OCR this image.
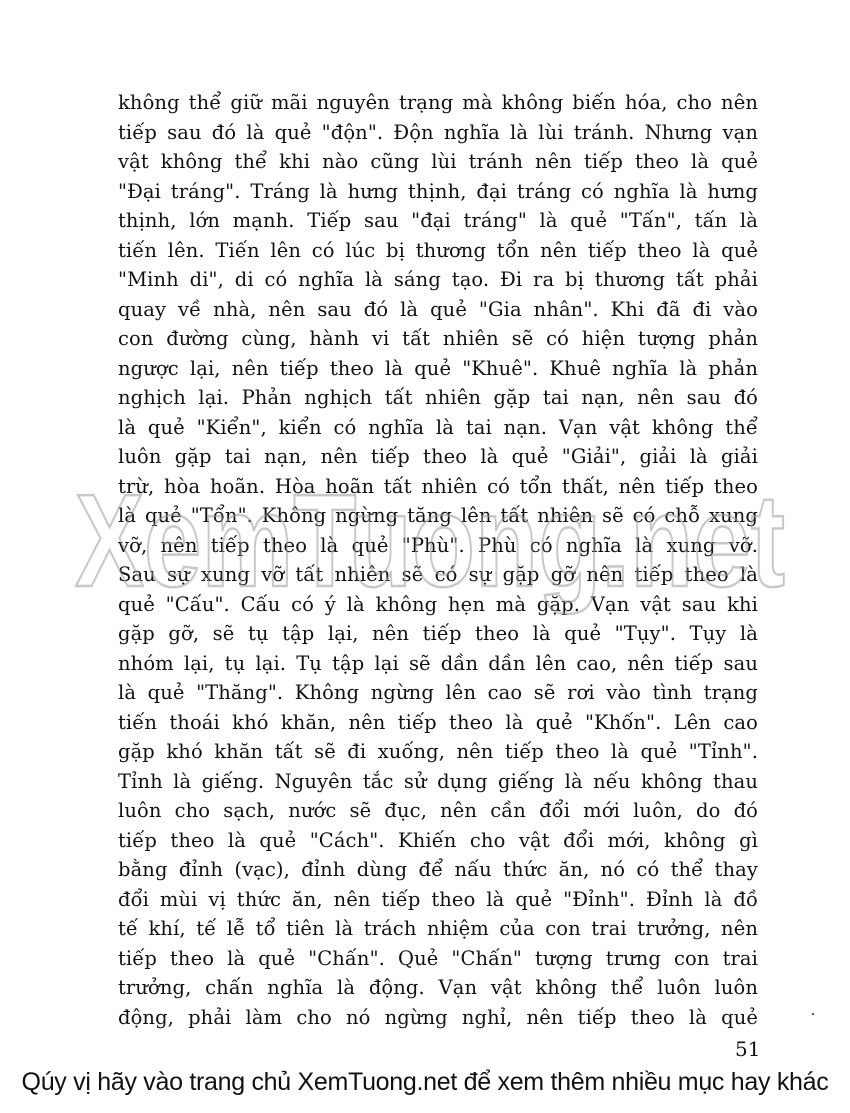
không thể giữ mãi nguyên trạng mà không biến hóa, cho nên
tiếp sau đó là quẻ "độn". Độn nghĩa là lùi tránh. Nhưng vạn
vật không thể khi nào cũng lùi tránh nên tiếp theo là quẻ
"Đại tráng". Tráng là hưng thịnh, đại tráng có nghĩa là hưng
thịnh, lớn mạnh. Tiếp sau "đại tráng" là quẻ "Tấn", tấn là
tiến lên. Tiến lên có lúc bị thương tổn nên tiếp theo là quẻ
"Minh di", di có nghĩa là sáng tạo. Đi ra bị thương tất phải
quay về nhà, nên sau đó là quẻ "Gia nhân". Khi đã đi vào
con đường cùng, hành vi tất nhiên sẽ có hiện tượng phản
ngược lại, nên tiếp theo là quẻ "Khuê". Khuê nghĩa là phản
nghịch lại. Phản nghịch tất nhiên gặp tai nạn, nên sau đó
là quẻ "Kiển", kiển có nghĩa là tai nạn. Vạn vật không thể
luôn gặp tai nạn, nên tiếp theo là quẻ "Giải", giải là giải
trừ, hòa hoãn. Hòa hoãn tất nhiên có tổn thất, nên tiếp theo
là quẻ "Tổn". Không ngừng tăng lên tất nhiên sẽ có chỗ xung
vỡ, nên tiếp theo là quẻ "Phù". Phù có nghĩa là xung vỡ.
Sau sự xung vỡ tất nhiên sẽ có sự gặp gỡ nên tiếp theo là
quẻ "Cấu". Cấu có ý là không hẹn mà gặp. Vạn vật sau khi
gặp gỡ, sẽ tụ tập lại, nên tiếp theo là quẻ "Tụy". Tụy là
nhóm lại, tụ lại. Tụ tập lại sẽ dần dần lên cao, nên tiếp sau
là quẻ "Thăng". Không ngừng lên cao sẽ rơi vào tình trạng
tiến thoái khó khăn, nên tiếp theo là quẻ "Khốn". Lên cao
gặp khó khăn tất sẽ đi xuống, nên tiếp theo là quẻ "Tỉnh".
Tỉnh là giếng. Nguyên tắc sử dụng giếng là nếu không thau
luôn cho sạch, nước sẽ đục, nên cần đổi mới luôn, do đó
tiếp theo là quẻ "Cách". Khiến cho vật đổi mới, không gì
bằng đỉnh (vạc), đỉnh dùng để nấu thức ăn, nó có thể thay
đổi mùi vị thức ăn, nên tiếp theo là quẻ "Đỉnh". Đỉnh là đồ
tế khí, tế lễ tổ tiên là trách nhiệm của con trai trưởng, nên
tiếp theo là quẻ "Chấn". Quẻ "Chấn" tượng trưng con trai
trưởng, chấn nghĩa là động. Vạn vật không thể luôn luôn
động, phải làm cho nó ngừng nghỉ, nên tiếp theo là quẻ
XemTuong.net
51
Qúy vị hãy vào trang chủ XemTuong.net để xem thêm nhiều mục hay khác
